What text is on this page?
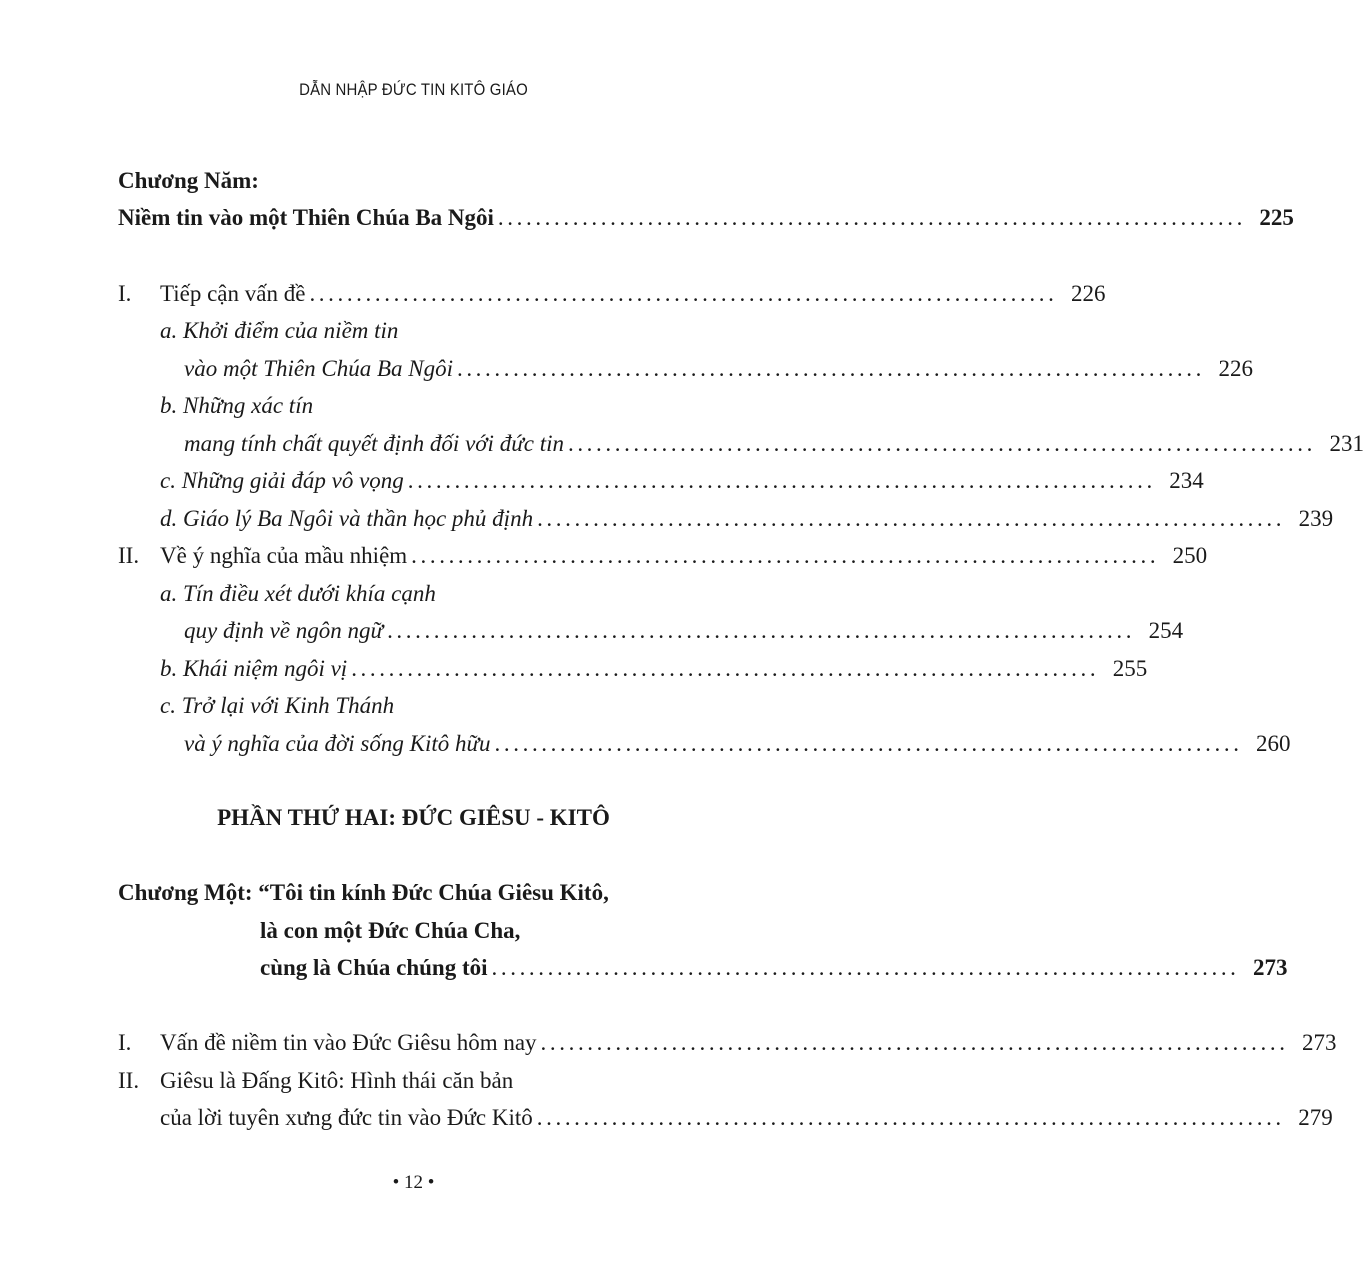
DẪN NHẬP ĐỨC TIN KITÔ GIÁO
Chương Năm:
Niềm tin vào một Thiên Chúa Ba Ngôi ................................................................................ 225
I.	Tiếp cận vấn đề ................................................................................ 226
a. Khởi điểm của niềm tin
vào một Thiên Chúa Ba Ngôi ................................................................................ 226
b. Những xác tín
mang tính chất quyết định đối với đức tin ................................................................................ 231
c. Những giải đáp vô vọng ................................................................................ 234
d. Giáo lý Ba Ngôi và thần học phủ định ................................................................................ 239
II. Về ý nghĩa của mầu nhiệm ................................................................................ 250
a. Tín điều xét dưới khía cạnh
quy định về ngôn ngữ ................................................................................ 254
b. Khái niệm ngôi vị ................................................................................ 255
c. Trở lại với Kinh Thánh
và ý nghĩa của đời sống Kitô hữu ................................................................................ 260
PHẦN THỨ HAI: ĐỨC GIÊSU - KITÔ
Chương Một: “Tôi tin kính Đức Chúa Giêsu Kitô,
là con một Đức Chúa Cha,
cùng là Chúa chúng tôi ................................................................................ 273
I.	Vấn đề niềm tin vào Đức Giêsu hôm nay ................................................................................ 273
II. Giêsu là Đấng Kitô: Hình thái căn bản
của lời tuyên xưng đức tin vào Đức Kitô ................................................................................ 279
• 12 •
